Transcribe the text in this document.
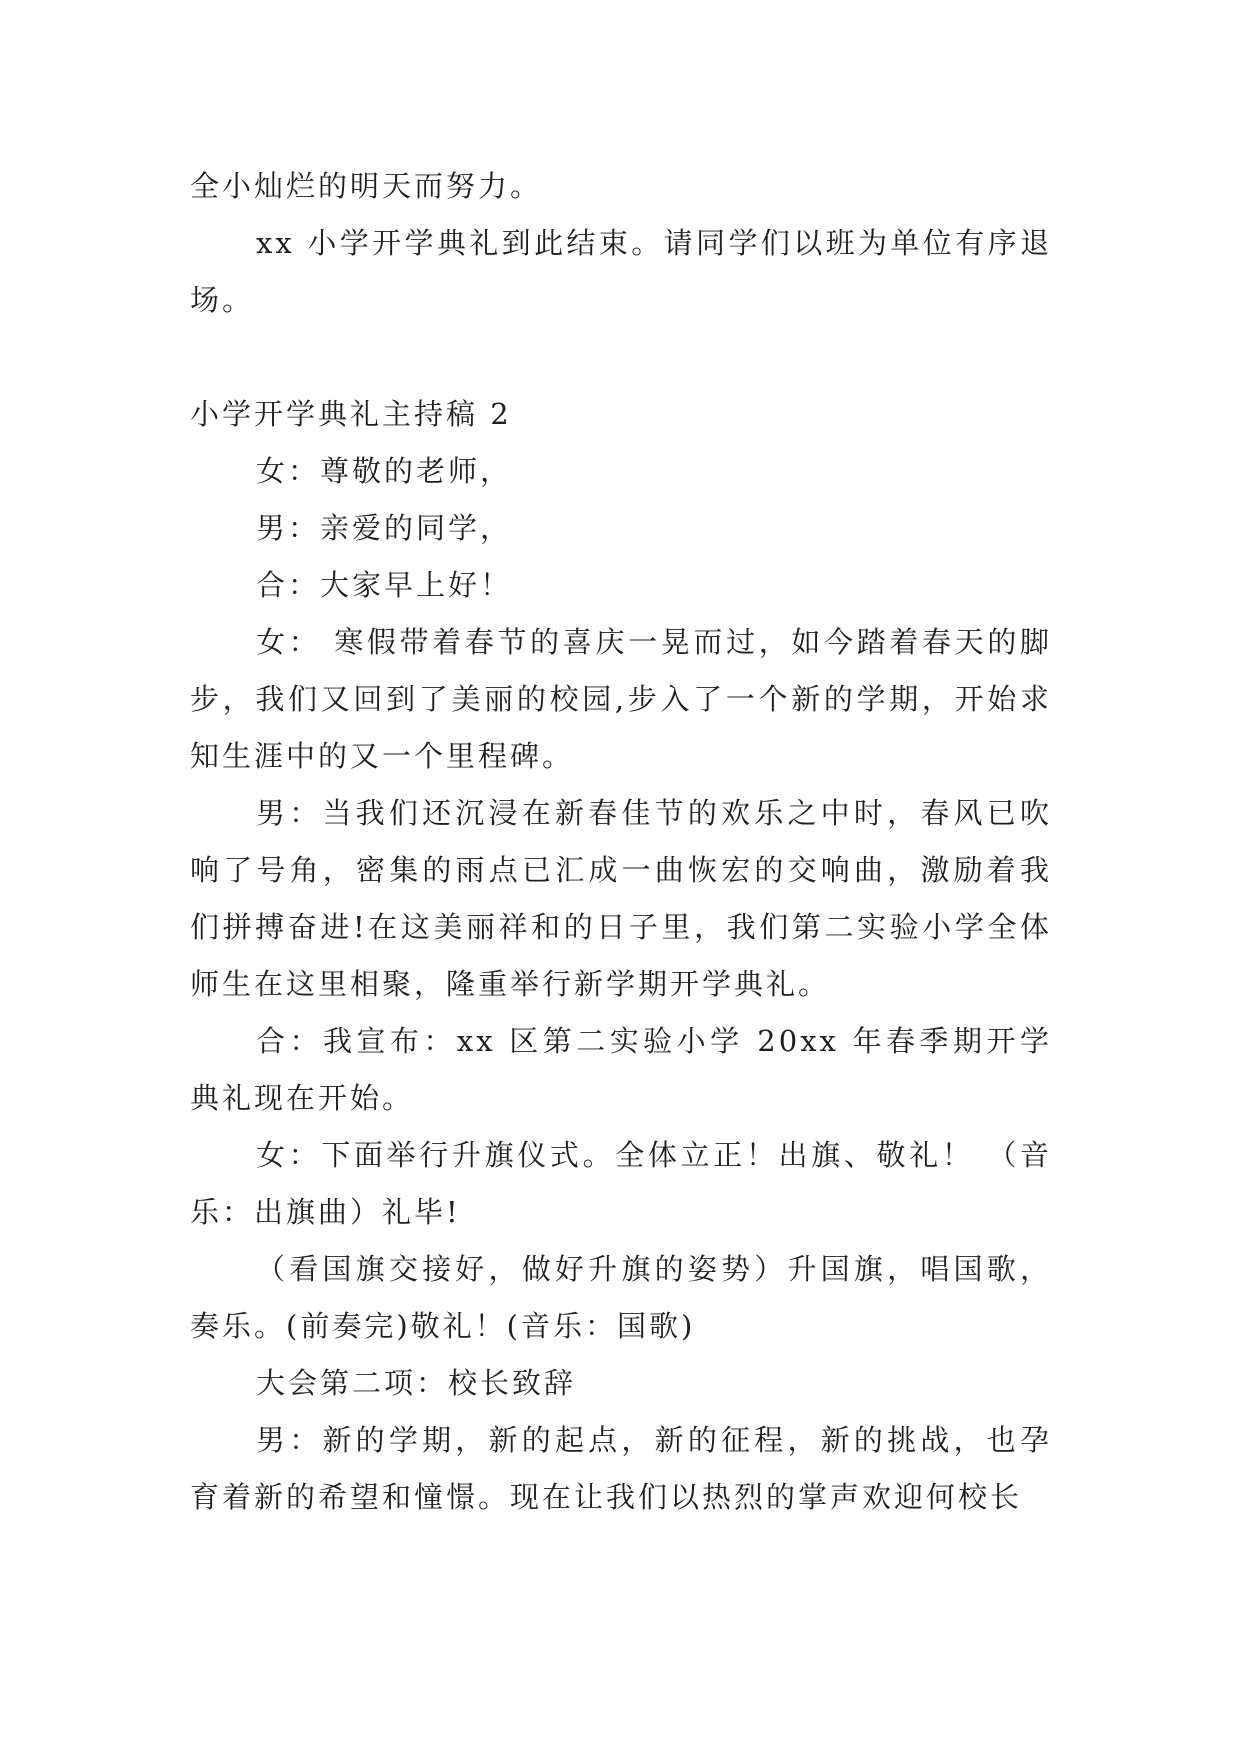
全小灿烂的明天而努力。

xx 小学开学典礼到此结束。请同学们以班为单位有序退场。

小学开学典礼主持稿 2

女：尊敬的老师，

男：亲爱的同学，

合：大家早上好！

女： 寒假带着春节的喜庆一晃而过，如今踏着春天的脚步，我们又回到了美丽的校园,步入了一个新的学期，开始求知生涯中的又一个里程碑。

男：当我们还沉浸在新春佳节的欢乐之中时，春风已吹响了号角，密集的雨点已汇成一曲恢宏的交响曲，激励着我们拼搏奋进!在这美丽祥和的日子里，我们第二实验小学全体师生在这里相聚，隆重举行新学期开学典礼。

合：我宣布：xx 区第二实验小学 20xx 年春季期开学典礼现在开始。

女：下面举行升旗仪式。全体立正！出旗、敬礼！ （音乐：出旗曲）礼毕!

（看国旗交接好，做好升旗的姿势）升国旗，唱国歌，奏乐。(前奏完)敬礼！(音乐：国歌)

大会第二项：校长致辞

男：新的学期，新的起点，新的征程，新的挑战，也孕育着新的希望和憧憬。现在让我们以热烈的掌声欢迎何校长
